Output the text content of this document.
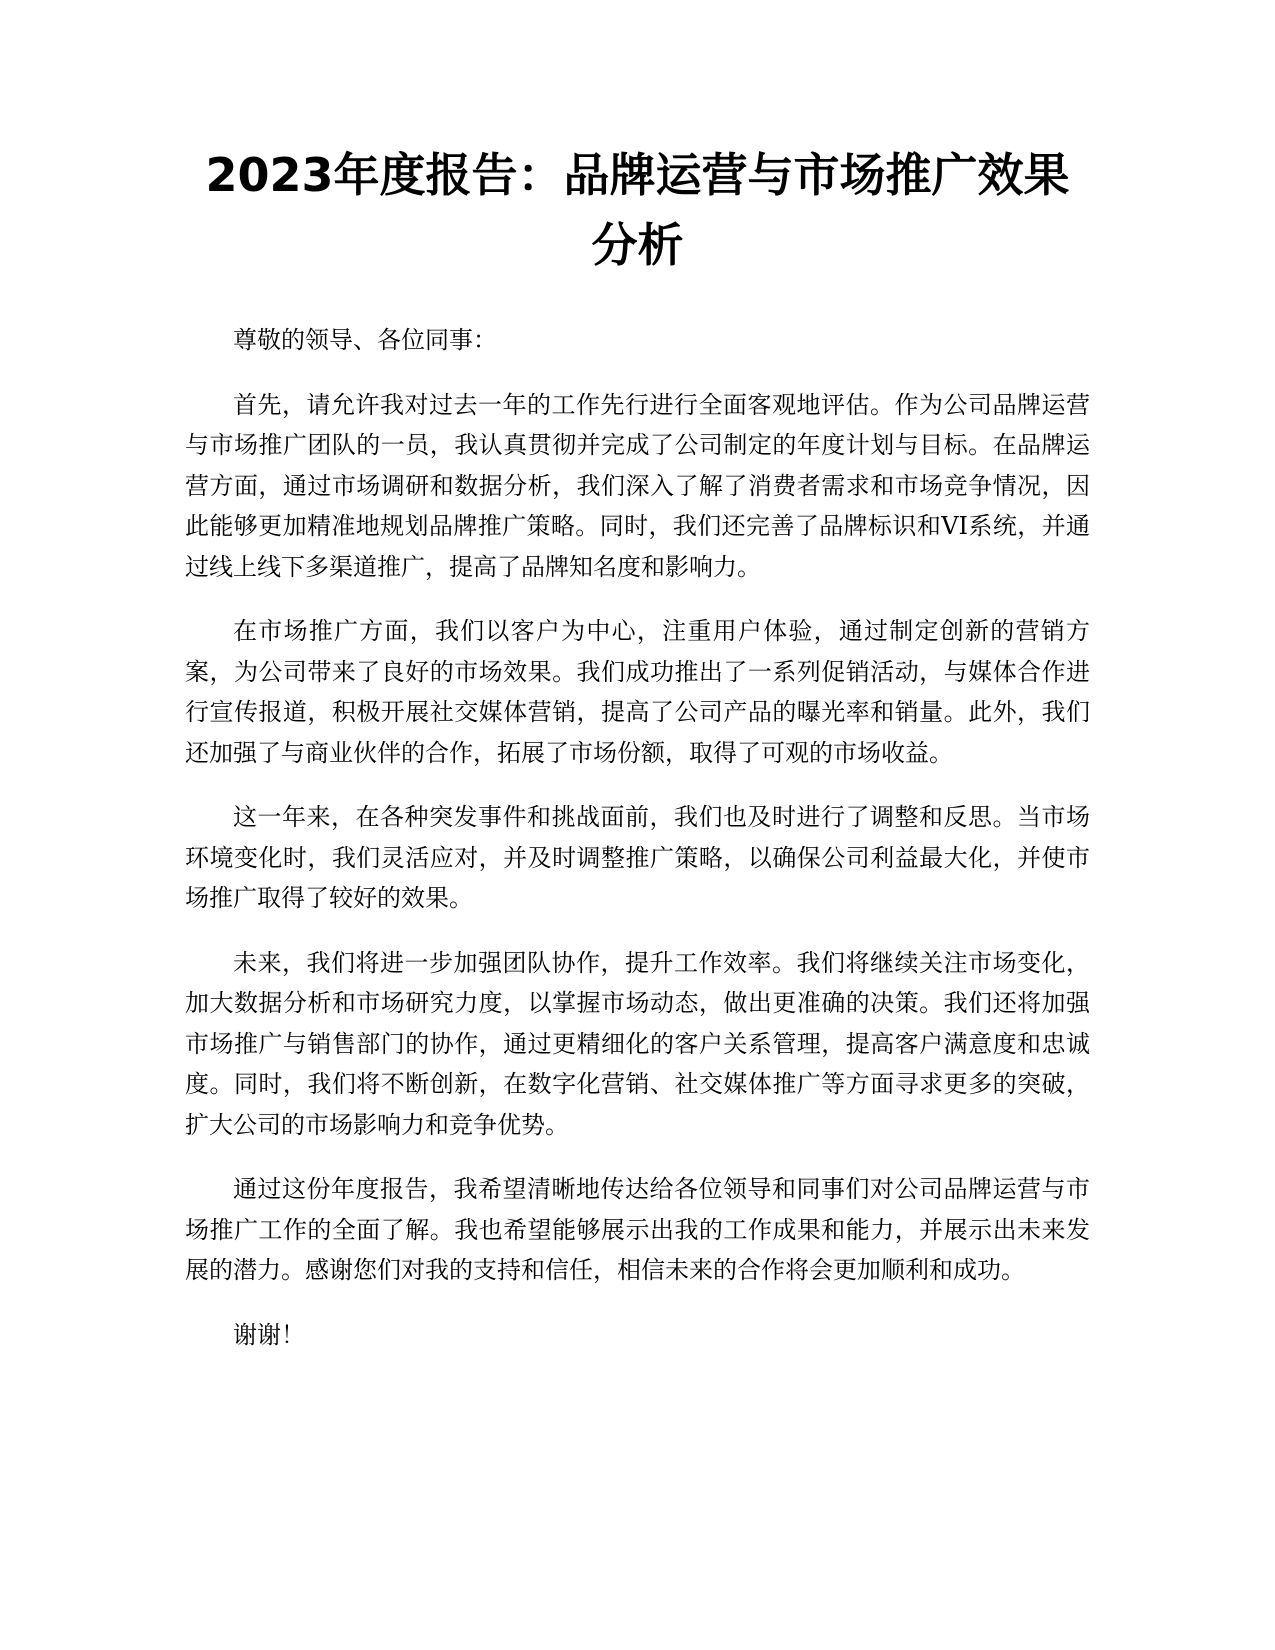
2023年度报告：品牌运营与市场推广效果分析

尊敬的领导、各位同事：

首先，请允许我对过去一年的工作先行进行全面客观地评估。作为公司品牌运营与市场推广团队的一员，我认真贯彻并完成了公司制定的年度计划与目标。在品牌运营方面，通过市场调研和数据分析，我们深入了解了消费者需求和市场竞争情况，因此能够更加精准地规划品牌推广策略。同时，我们还完善了品牌标识和VI系统，并通过线上线下多渠道推广，提高了品牌知名度和影响力。

在市场推广方面，我们以客户为中心，注重用户体验，通过制定创新的营销方案，为公司带来了良好的市场效果。我们成功推出了一系列促销活动，与媒体合作进行宣传报道，积极开展社交媒体营销，提高了公司产品的曝光率和销量。此外，我们还加强了与商业伙伴的合作，拓展了市场份额，取得了可观的市场收益。

这一年来，在各种突发事件和挑战面前，我们也及时进行了调整和反思。当市场环境变化时，我们灵活应对，并及时调整推广策略，以确保公司利益最大化，并使市场推广取得了较好的效果。

未来，我们将进一步加强团队协作，提升工作效率。我们将继续关注市场变化，加大数据分析和市场研究力度，以掌握市场动态，做出更准确的决策。我们还将加强市场推广与销售部门的协作，通过更精细化的客户关系管理，提高客户满意度和忠诚度。同时，我们将不断创新，在数字化营销、社交媒体推广等方面寻求更多的突破，扩大公司的市场影响力和竞争优势。

通过这份年度报告，我希望清晰地传达给各位领导和同事们对公司品牌运营与市场推广工作的全面了解。我也希望能够展示出我的工作成果和能力，并展示出未来发展的潜力。感谢您们对我的支持和信任，相信未来的合作将会更加顺利和成功。

谢谢！
